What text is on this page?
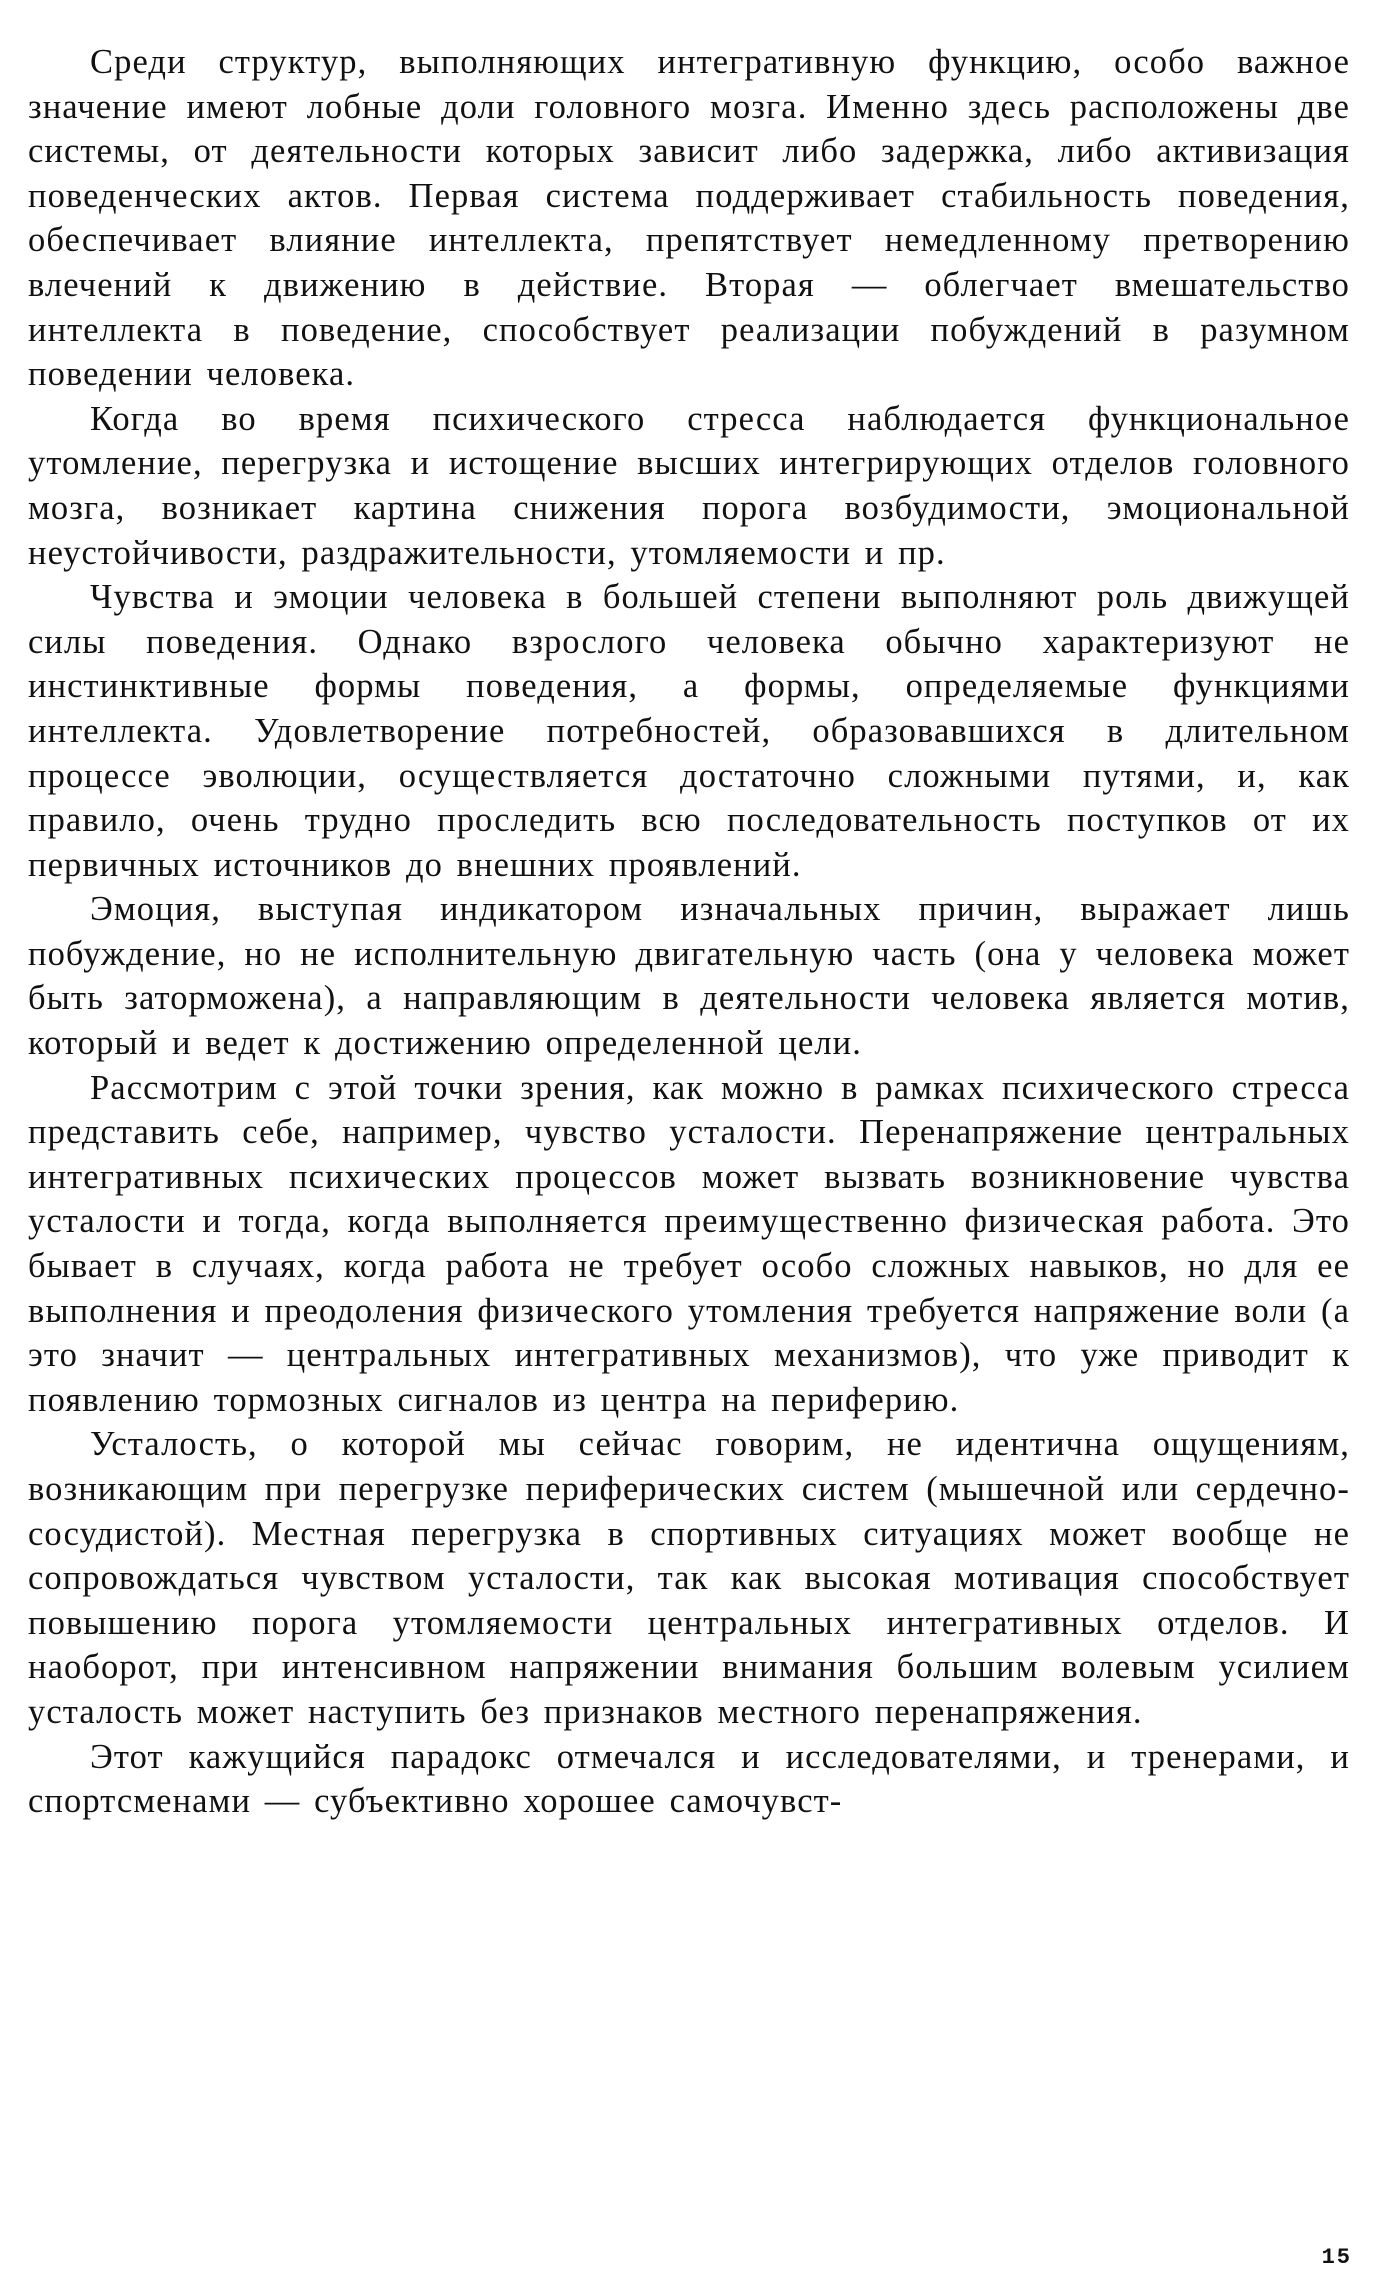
Среди структур, выполняющих интегративную функцию, особо важное значение имеют лобные доли головного мозга. Именно здесь расположены две системы, от деятельности которых зависит либо задержка, либо активизация поведенческих актов. Первая система поддерживает стабильность поведения, обеспечивает влияние интеллекта, препятствует немедленному претворению влечений к движению в действие. Вторая — облегчает вмешательство интеллекта в поведение, способствует реализации побуждений в разумном поведении человека.

Когда во время психического стресса наблюдается функциональное утомление, перегрузка и истощение высших интегрирующих отделов головного мозга, возникает картина снижения порога возбудимости, эмоциональной неустойчивости, раздражительности, утомляемости и пр.

Чувства и эмоции человека в большей степени выполняют роль движущей силы поведения. Однако взрослого человека обычно характеризуют не инстинктивные формы поведения, а формы, определяемые функциями интеллекта. Удовлетворение потребностей, образовавшихся в длительном процессе эволюции, осуществляется достаточно сложными путями, и, как правило, очень трудно проследить всю последовательность поступков от их первичных источников до внешних проявлений.

Эмоция, выступая индикатором изначальных причин, выражает лишь побуждение, но не исполнительную двигательную часть (она у человека может быть заторможена), а направляющим в деятельности человека является мотив, который и ведет к достижению определенной цели.

Рассмотрим с этой точки зрения, как можно в рамках психического стресса представить себе, например, чувство усталости. Перенапряжение центральных интегративных психических процессов может вызвать возникновение чувства усталости и тогда, когда выполняется преимущественно физическая работа. Это бывает в случаях, когда работа не требует особо сложных навыков, но для ее выполнения и преодоления физического утомления требуется напряжение воли (а это значит — центральных интегративных механизмов), что уже приводит к появлению тормозных сигналов из центра на периферию.

Усталость, о которой мы сейчас говорим, не идентична ощущениям, возникающим при перегрузке периферических систем (мышечной или сердечно-сосудистой). Местная перегрузка в спортивных ситуациях может вообще не сопровождаться чувством усталости, так как высокая мотивация способствует повышению порога утомляемости центральных интегративных отделов. И наоборот, при интенсивном напряжении внимания большим волевым усилием усталость может наступить без признаков местного перенапряжения.

Этот кажущийся парадокс отмечался и исследователями, и тренерами, и спортсменами — субъективно хорошее самочувст-

15
